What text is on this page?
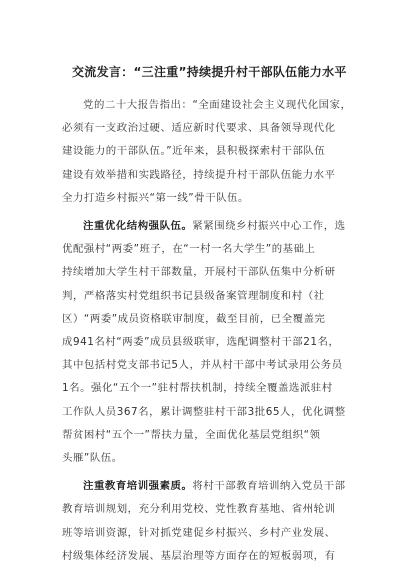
交流发言：“三注重”持续提升村干部队伍能力水平

党的二十大报告指出：“全面建设社会主义现代化国家，

必须有一支政治过硬、适应新时代要求、具备领导现代化

建设能力的干部队伍。”近年来，县积极探索村干部队伍

建设有效举措和实践路径，持续提升村干部队伍能力水平

全力打造乡村振兴“第一线”骨干队伍。

注重优化结构强队伍。紧紧围绕乡村振兴中心工作，选

优配强村“两委”班子，在“一村一名大学生”的基础上

持续增加大学生村干部数量，开展村干部队伍集中分析研

判，严格落实村党组织书记县级备案管理制度和村（社

区）“两委”成员资格联审制度，截至目前，已全覆盖完

成941名村“两委”成员县级联审，选配调整村干部21名，

其中包括村党支部书记5人，并从村干部中考试录用公务员

1名。强化“五个一”驻村帮扶机制，持续全覆盖选派驻村

工作队人员367名，累计调整驻村干部3批65人，优化调整

帮贫困村“五个一”帮扶力量，全面优化基层党组织“领

头雁”队伍。

注重教育培训强素质。将村干部教育培训纳入党员干部

教育培训规划，充分利用党校、党性教育基地、省州轮训

班等培训资源，针对抓党建促乡村振兴、乡村产业发展、

村级集体经济发展、基层治理等方面存在的短板弱项，有
